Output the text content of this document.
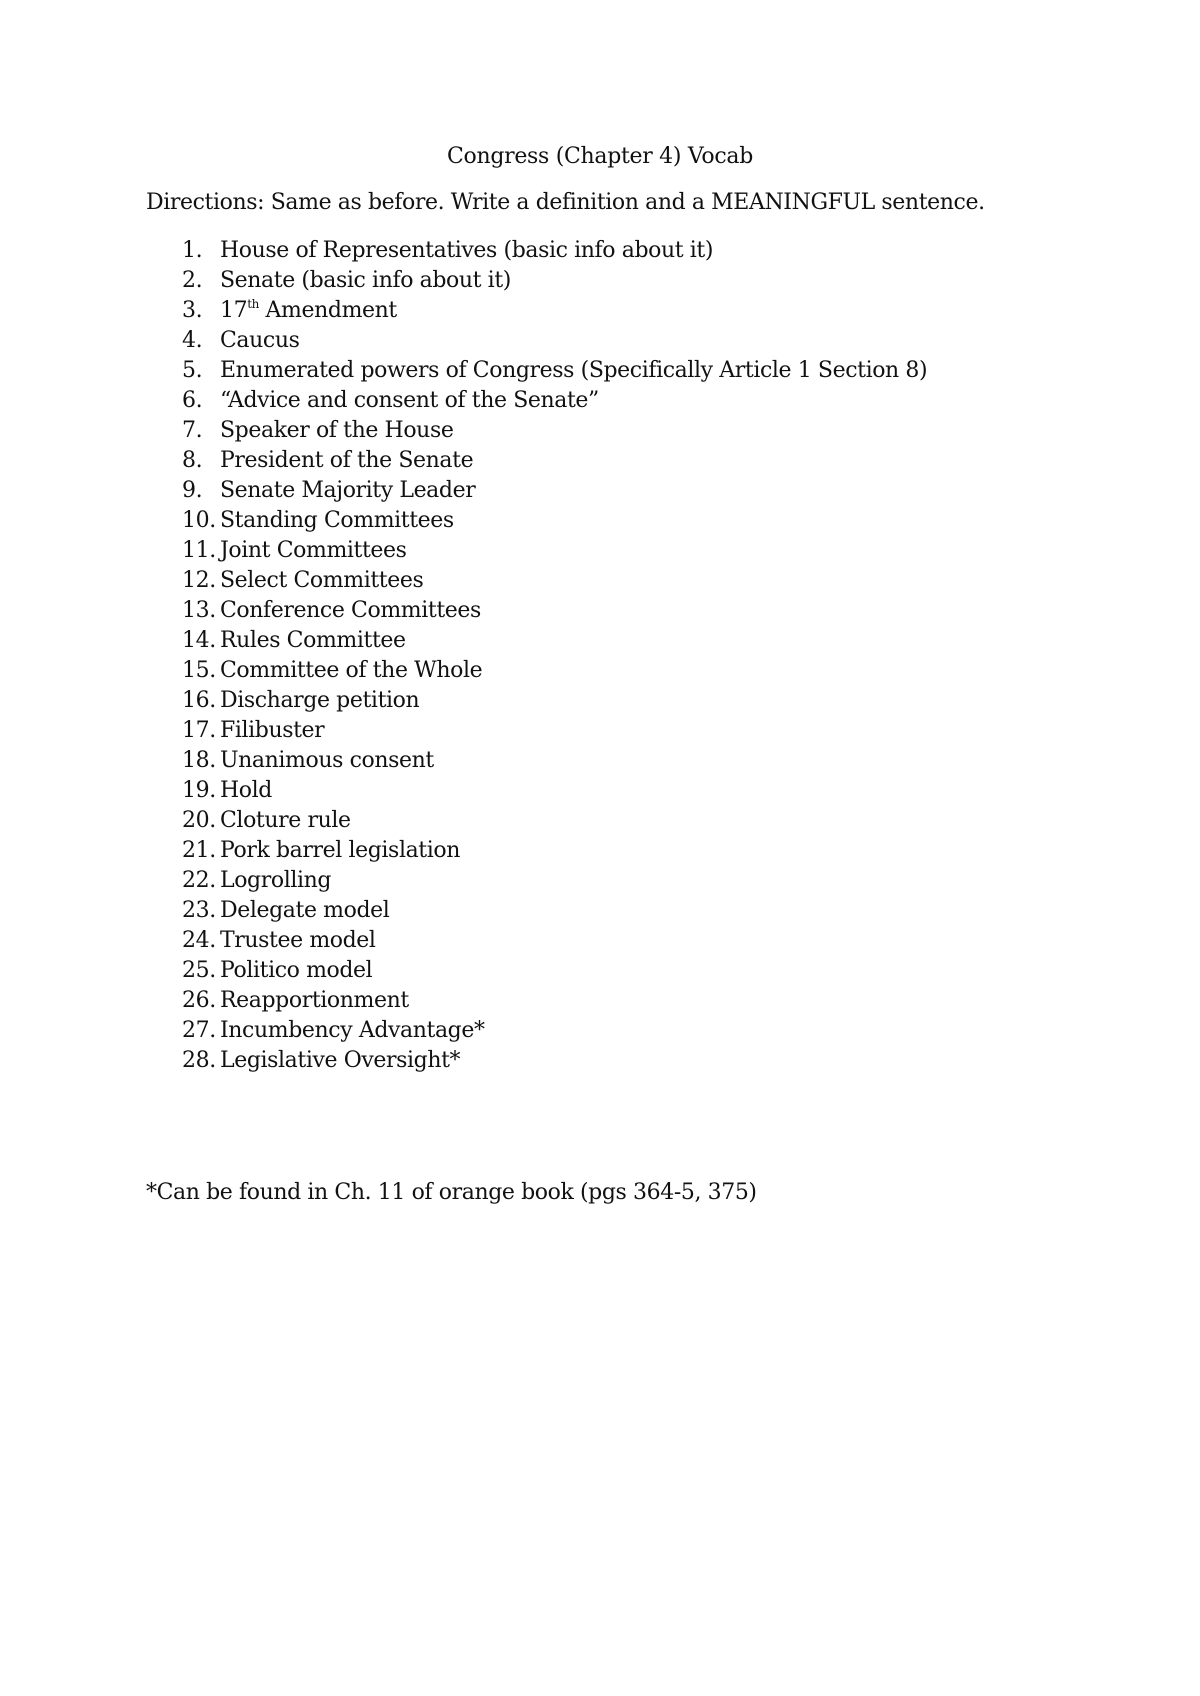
Congress (Chapter 4) Vocab
Directions: Same as before. Write a definition and a MEANINGFUL sentence.
1. House of Representatives (basic info about it)
2. Senate (basic info about it)
3. 17th Amendment
4. Caucus
5. Enumerated powers of Congress (Specifically Article 1 Section 8)
6. “Advice and consent of the Senate”
7. Speaker of the House
8. President of the Senate
9. Senate Majority Leader
10. Standing Committees
11. Joint Committees
12. Select Committees
13. Conference Committees
14. Rules Committee
15. Committee of the Whole
16. Discharge petition
17. Filibuster
18. Unanimous consent
19. Hold
20. Cloture rule
21. Pork barrel legislation
22. Logrolling
23. Delegate model
24. Trustee model
25. Politico model
26. Reapportionment
27. Incumbency Advantage*
28. Legislative Oversight*
*Can be found in Ch. 11 of orange book (pgs 364-5, 375)
